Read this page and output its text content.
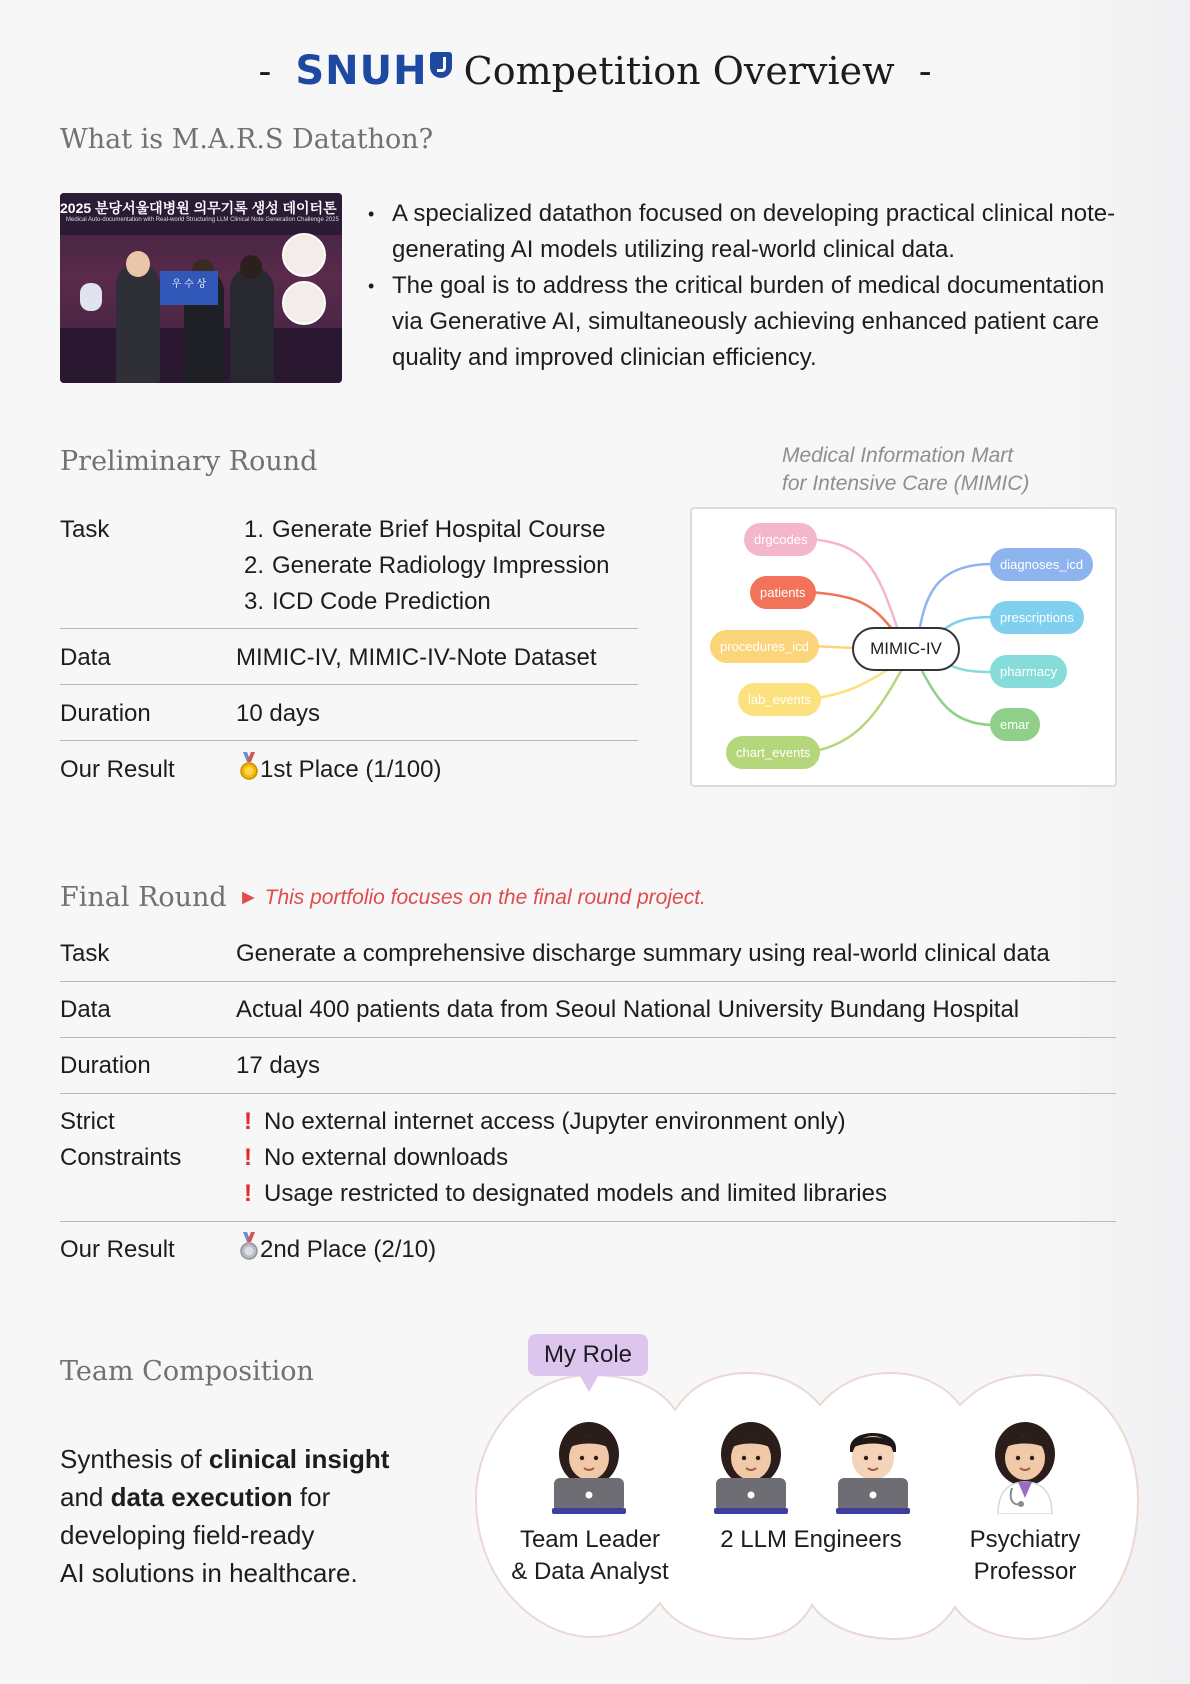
- SNUH Competition Overview -
What is M.A.R.S Datathon?
2025 분당서울대병원 의무기록 생성 데이터톤
Medical Auto-documentation with Real-world Structuring LLM Clinical Note Generation Challenge 2025
우 수 상
• A specialized datathon focused on developing practical clinical note-generating AI models utilizing real-world clinical data.
• The goal is to address the critical burden of medical documentation via Generative AI, simultaneously achieving enhanced patient care quality and improved clinician efficiency.
Preliminary Round
Task	1. Generate Brief Hospital Course
2. Generate Radiology Impression
3. ICD Code Prediction
Data	MIMIC-IV, MIMIC-IV-Note Dataset
Duration	10 days
Our Result	1st Place (1/100)
Medical Information Mart
for Intensive Care (MIMIC)
drgcodes
patients
procedures_icd
lab_events
chart_events
MIMIC-IV
diagnoses_icd
prescriptions
pharmacy
emar
Final Round ► This portfolio focuses on the final round project.
Task	Generate a comprehensive discharge summary using real-world clinical data
Data	Actual 400 patients data from Seoul National University Bundang Hospital
Duration	17 days
Strict
Constraints
! No external internet access (Jupyter environment only)
! No external downloads
! Usage restricted to designated models and limited libraries
Our Result	2nd Place (2/10)
Team Composition
Synthesis of clinical insight
and data execution for
developing field-ready
AI solutions in healthcare.
My Role
Team Leader
& Data Analyst
2 LLM Engineers	Psychiatry
Professor
